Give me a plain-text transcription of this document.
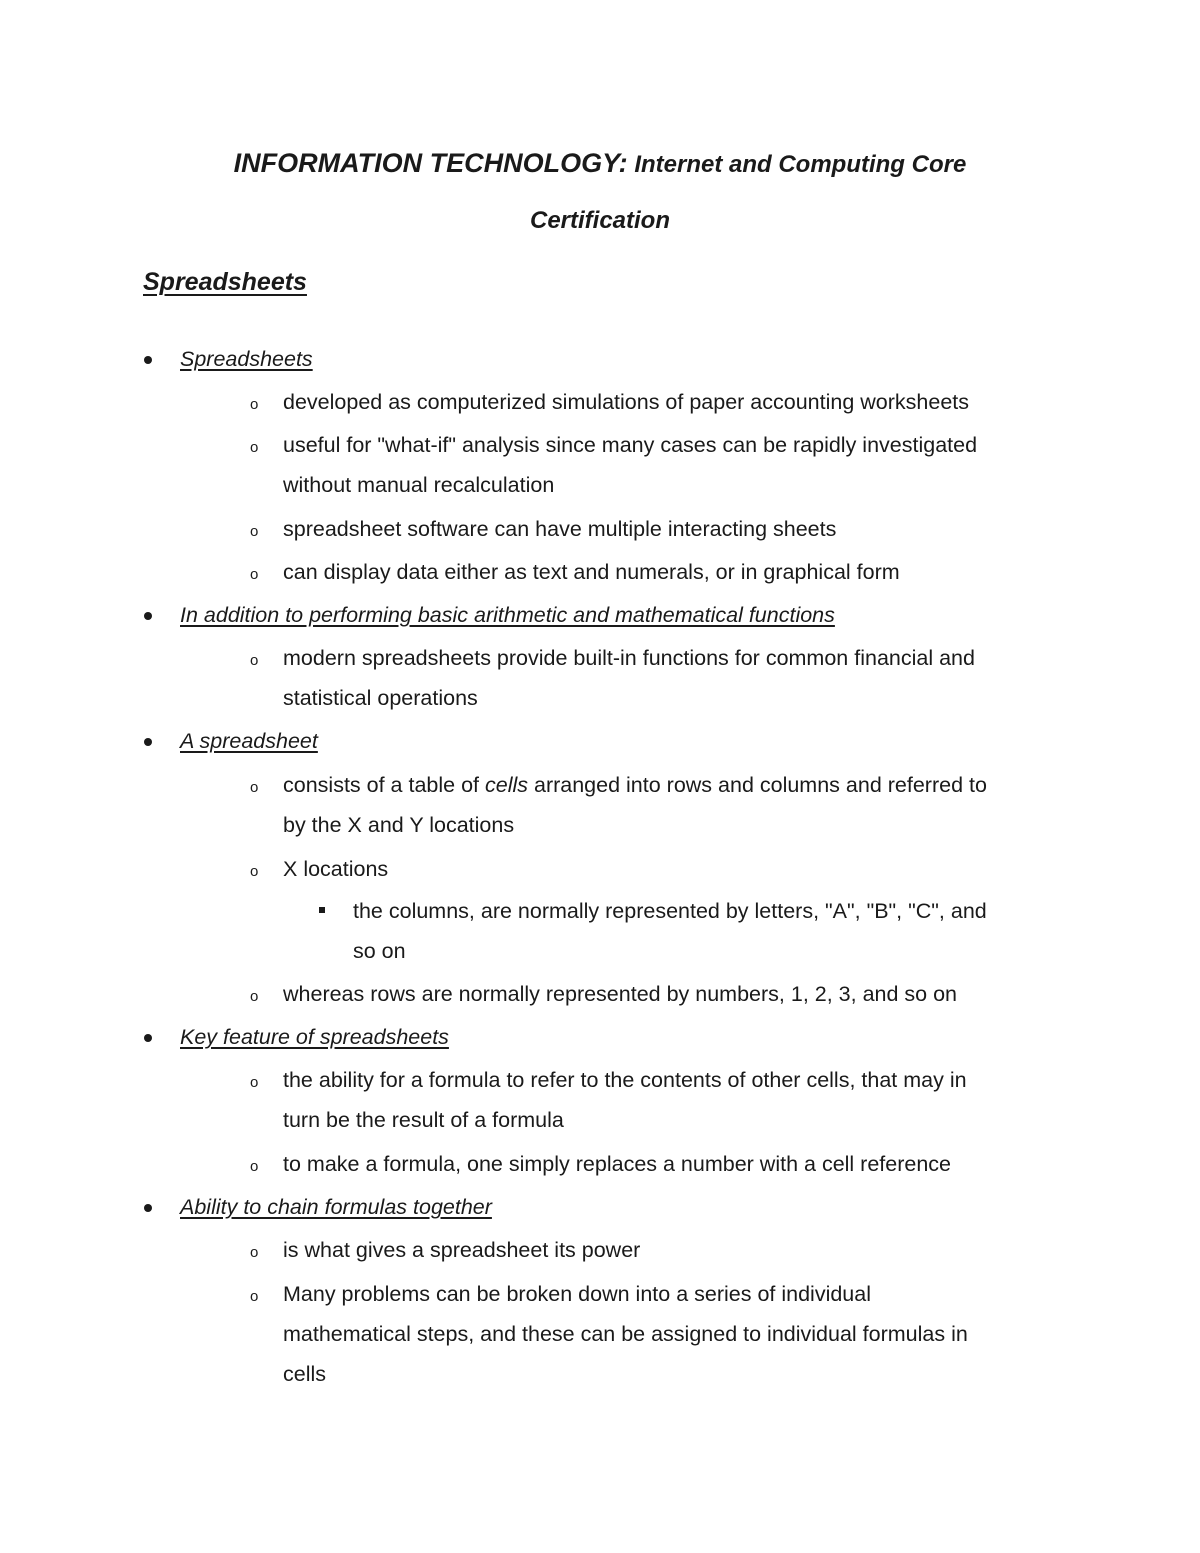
INFORMATION TECHNOLOGY: Internet and Computing Core
Certification
Spreadsheets
Spreadsheets
o developed as computerized simulations of paper accounting worksheets
o useful for "what-if" analysis since many cases can be rapidly investigated
without manual recalculation
o spreadsheet software can have multiple interacting sheets
o can display data either as text and numerals, or in graphical form
In addition to performing basic arithmetic and mathematical functions
o modern spreadsheets provide built-in functions for common financial and
statistical operations
A spreadsheet
o consists of a table of cells arranged into rows and columns and referred to
by the X and Y locations
o X locations
the columns, are normally represented by letters, "A", "B", "C", and
so on
o whereas rows are normally represented by numbers, 1, 2, 3, and so on
Key feature of spreadsheets
o the ability for a formula to refer to the contents of other cells, that may in
turn be the result of a formula
o to make a formula, one simply replaces a number with a cell reference
Ability to chain formulas together
o is what gives a spreadsheet its power
o Many problems can be broken down into a series of individual
mathematical steps, and these can be assigned to individual formulas in
cells
